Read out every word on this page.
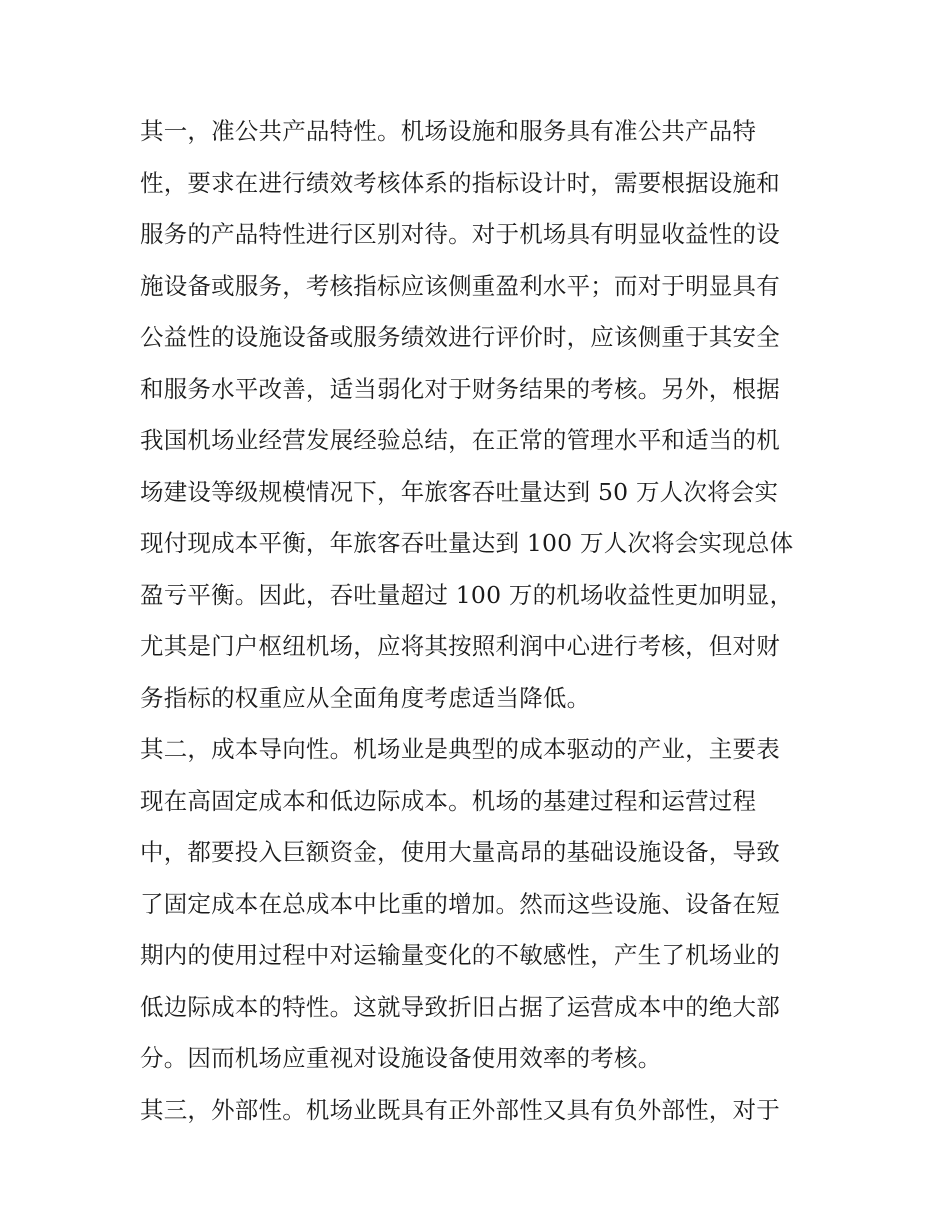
其一，准公共产品特性。机场设施和服务具有准公共产品特
性，要求在进行绩效考核体系的指标设计时，需要根据设施和
服务的产品特性进行区别对待。对于机场具有明显收益性的设
施设备或服务，考核指标应该侧重盈利水平；而对于明显具有
公益性的设施设备或服务绩效进行评价时，应该侧重于其安全
和服务水平改善，适当弱化对于财务结果的考核。另外，根据
我国机场业经营发展经验总结，在正常的管理水平和适当的机
场建设等级规模情况下，年旅客吞吐量达到 50 万人次将会实
现付现成本平衡，年旅客吞吐量达到 100 万人次将会实现总体
盈亏平衡。因此，吞吐量超过 100 万的机场收益性更加明显，
尤其是门户枢纽机场，应将其按照利润中心进行考核，但对财
务指标的权重应从全面角度考虑适当降低。
其二，成本导向性。机场业是典型的成本驱动的产业，主要表
现在高固定成本和低边际成本。机场的基建过程和运营过程
中，都要投入巨额资金，使用大量高昂的基础设施设备，导致
了固定成本在总成本中比重的增加。然而这些设施、设备在短
期内的使用过程中对运输量变化的不敏感性，产生了机场业的
低边际成本的特性。这就导致折旧占据了运营成本中的绝大部
分。因而机场应重视对设施设备使用效率的考核。
其三，外部性。机场业既具有正外部性又具有负外部性，对于
